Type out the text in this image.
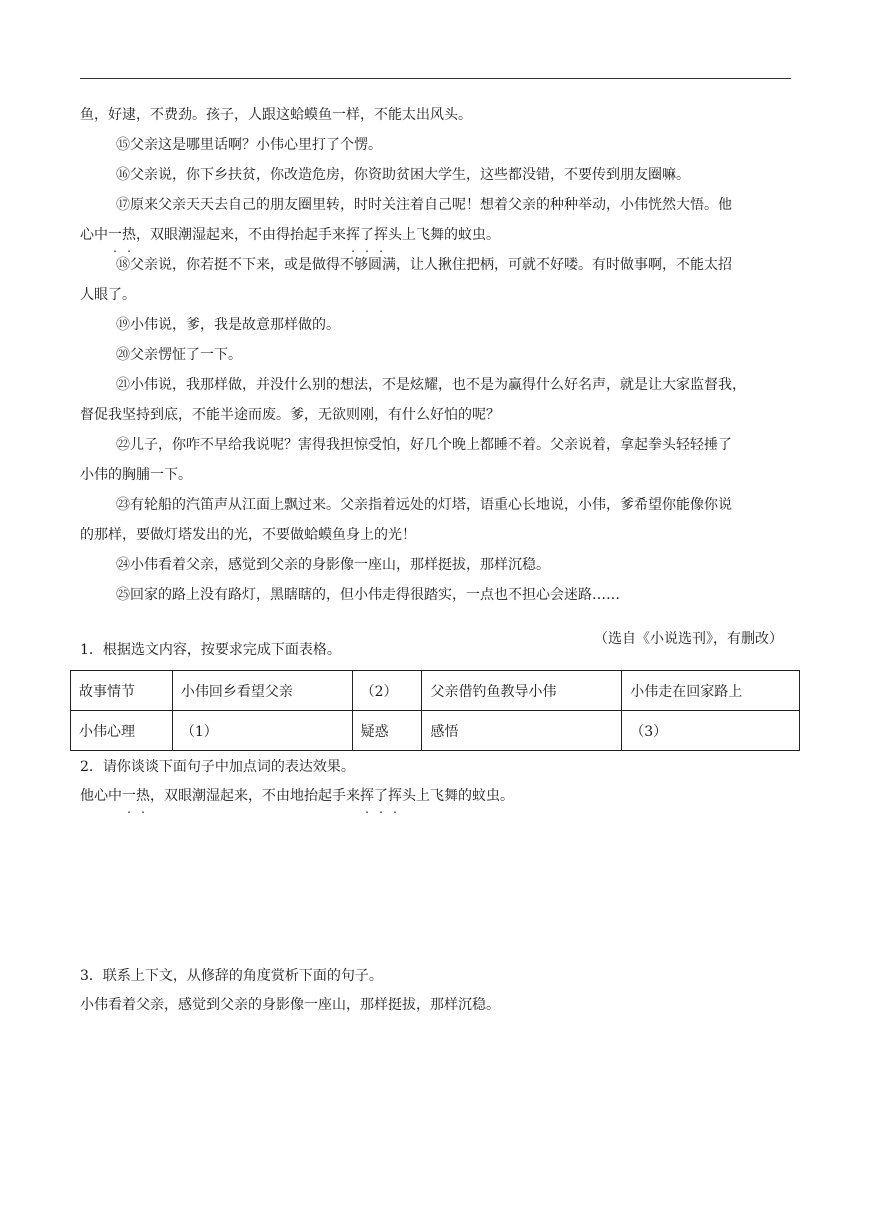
鱼，好逮，不费劲。孩子，人跟这蛤蟆鱼一样，不能太出风头。

⑮父亲这是哪里话啊？小伟心里打了个愣。

⑯父亲说，你下乡扶贫，你改造危房，你资助贫困大学生，这些都没错，不要传到朋友圈嘛。

⑰原来父亲天天去自己的朋友圈里转，时时关注着自己呢！想着父亲的种种举动，小伟恍然大悟。他

心中一热，双眼潮湿起来，不由得抬起手来挥了挥头上飞舞的蚊虫。

⑱父亲说，你若挺不下来，或是做得不够圆满，让人揪住把柄，可就不好喽。有时做事啊，不能太招

人眼了。

⑲小伟说，爹，我是故意那样做的。

⑳父亲愣怔了一下。

㉑小伟说，我那样做，并没什么别的想法，不是炫耀，也不是为赢得什么好名声，就是让大家监督我，

督促我坚持到底，不能半途而废。爹，无欲则刚，有什么好怕的呢？

㉒儿子，你咋不早给我说呢？害得我担惊受怕，好几个晚上都睡不着。父亲说着，拿起拳头轻轻捶了

小伟的胸脯一下。

㉓有轮船的汽笛声从江面上飘过来。父亲指着远处的灯塔，语重心长地说，小伟，爹希望你能像你说

的那样，要做灯塔发出的光，不要做蛤蟆鱼身上的光！

㉔小伟看着父亲，感觉到父亲的身影像一座山，那样挺拔，那样沉稳。

㉕回家的路上没有路灯，黑瞎瞎的，但小伟走得很踏实，一点也不担心会迷路……

（选自《小说选刊》，有删改）

1．根据选文内容，按要求完成下面表格。
故事情节	小伟回乡看望父亲	（2）	父亲借钓鱼教导小伟	小伟走在回家路上
小伟心理	（1）	疑惑	感悟	（3）
2．请你谈谈下面句子中加点词的表达效果。
他心中一热，双眼潮湿起来，不由地抬起手来挥了挥头上飞舞的蚊虫。
3．联系上下文，从修辞的角度赏析下面的句子。
小伟看着父亲，感觉到父亲的身影像一座山，那样挺拔，那样沉稳。
